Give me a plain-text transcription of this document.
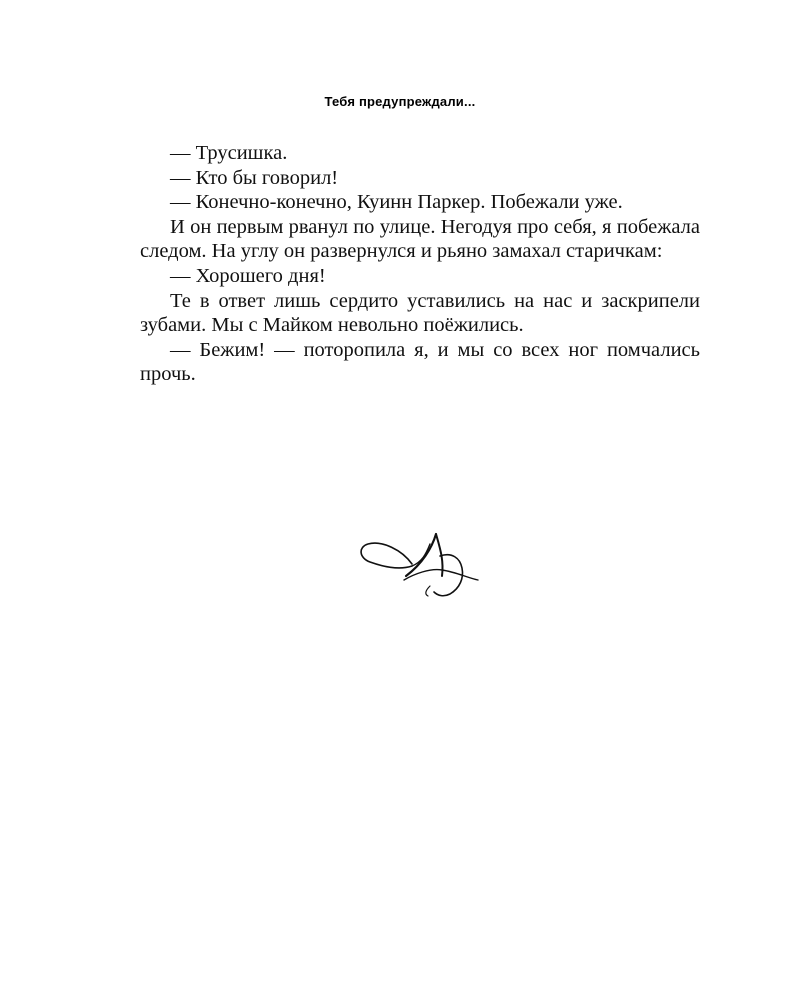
Тебя предупреждали...

— Трусишка.

— Кто бы говорил!

— Конечно-конечно, Куинн Паркер. Побежали уже.

И он первым рванул по улице. Негодуя про себя, я побежала следом. На углу он развернулся и рьяно замахал старичкам:

— Хорошего дня!

Те в ответ лишь сердито уставились на нас и заскрипели зубами. Мы с Майком невольно поёжились.

— Бежим! — поторопила я, и мы со всех ног помчались прочь.
